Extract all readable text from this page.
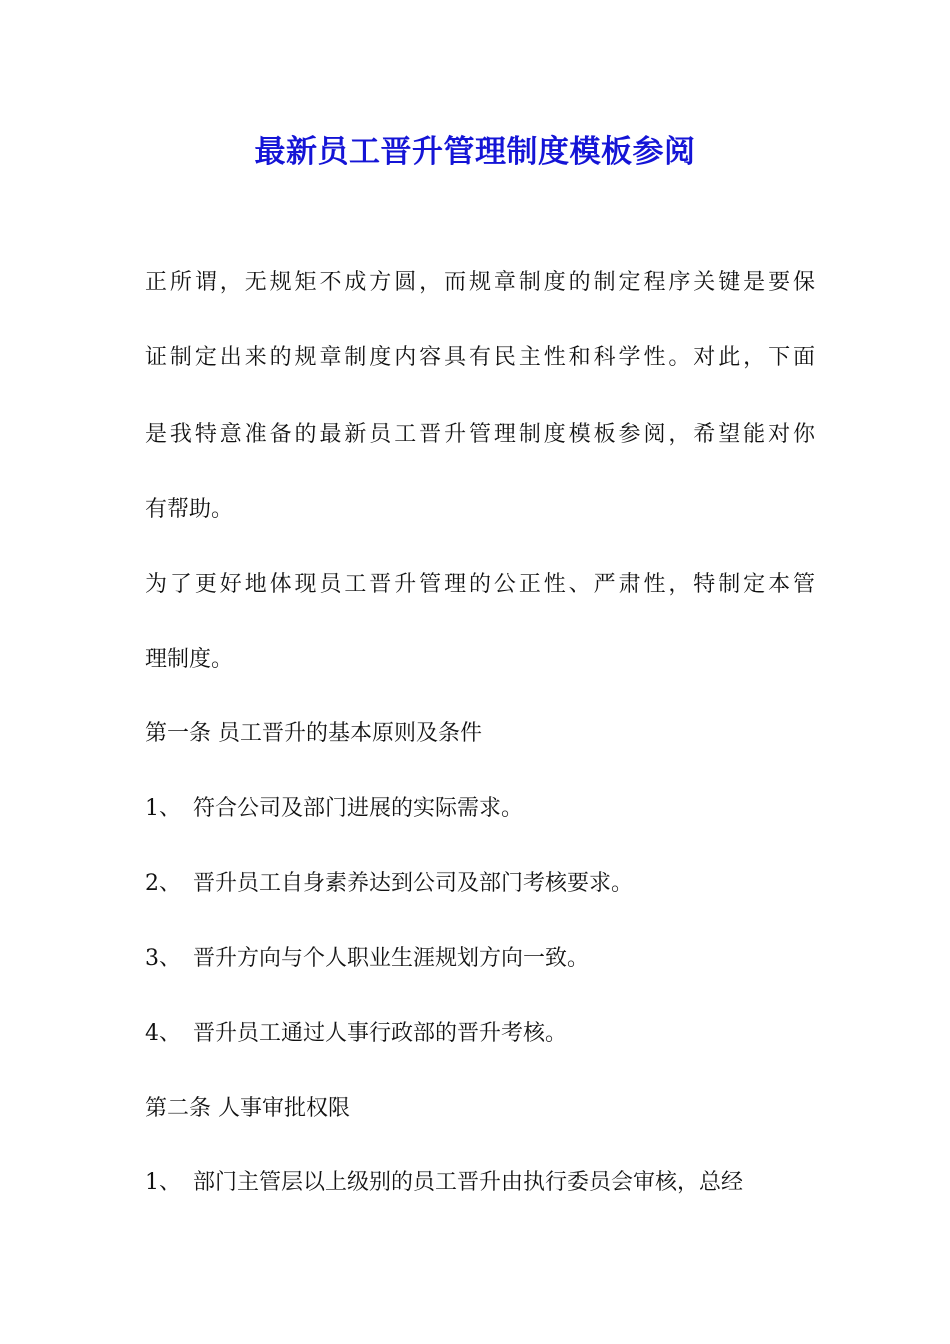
最新员工晋升管理制度模板参阅
正所谓，无规矩不成方圆，而规章制度的制定程序关键是要保
证制定出来的规章制度内容具有民主性和科学性。对此，下面
是我特意准备的最新员工晋升管理制度模板参阅，希望能对你
有帮助。
为了更好地体现员工晋升管理的公正性、严肃性，特制定本管
理制度。
第一条 员工晋升的基本原则及条件
1、 符合公司及部门进展的实际需求。
2、 晋升员工自身素养达到公司及部门考核要求。
3、 晋升方向与个人职业生涯规划方向一致。
4、 晋升员工通过人事行政部的晋升考核。
第二条 人事审批权限
1、 部门主管层以上级别的员工晋升由执行委员会审核，总经
